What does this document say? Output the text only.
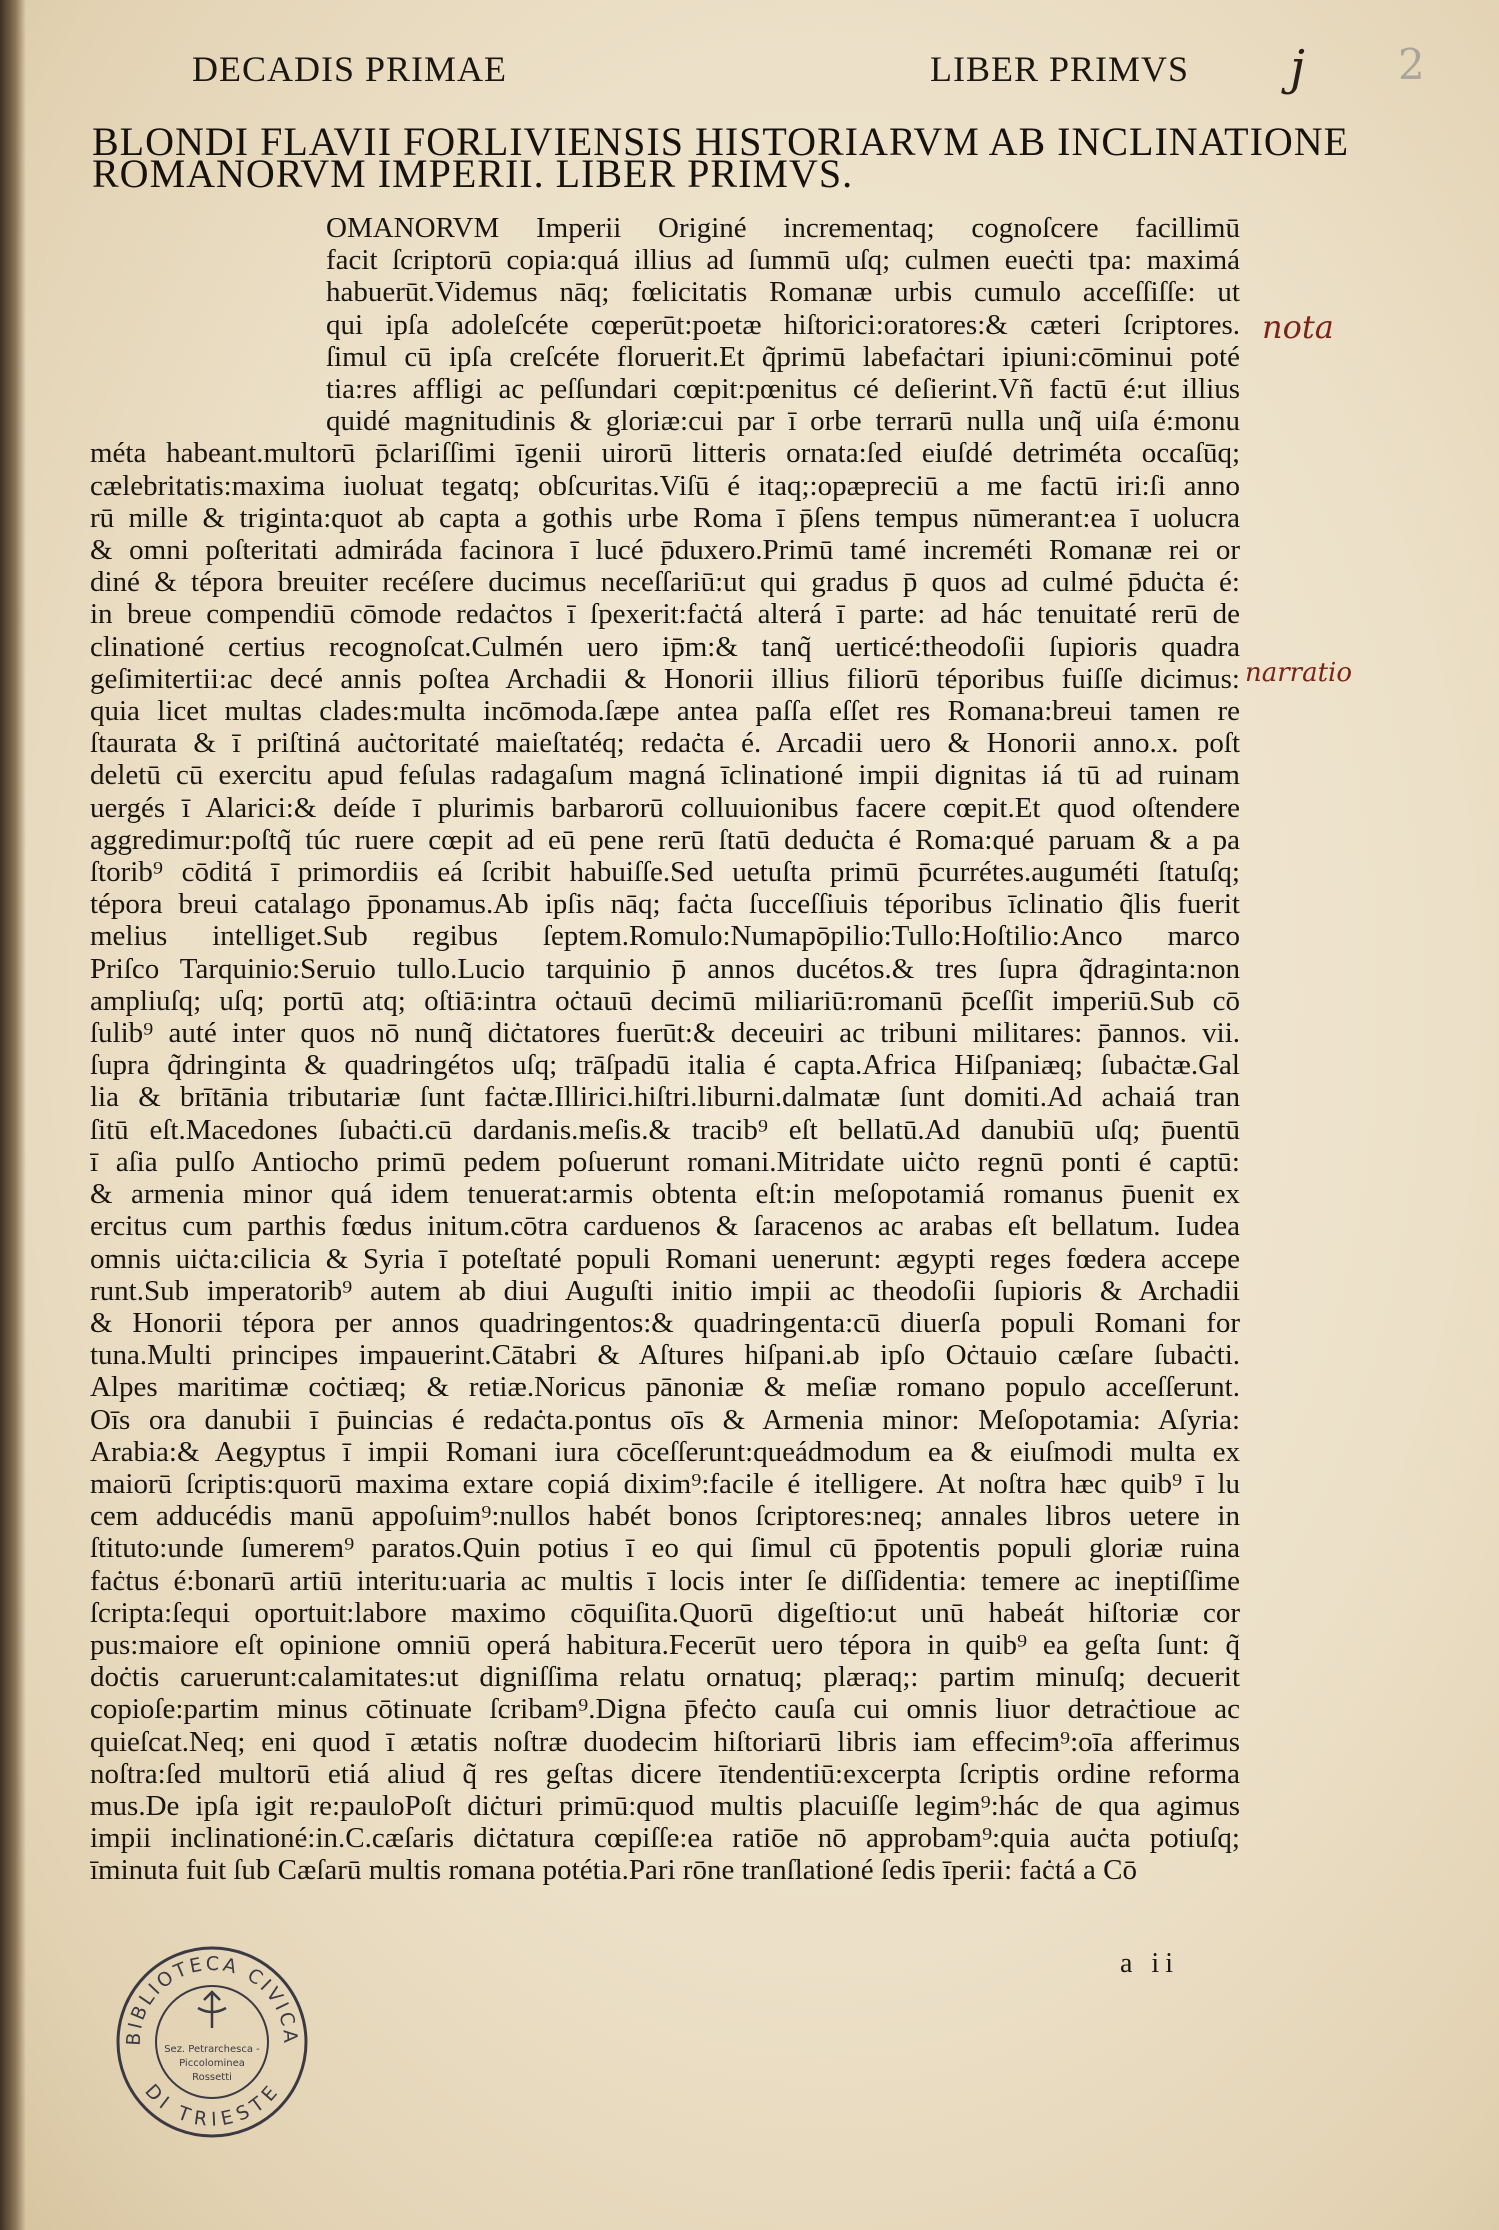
DECADIS PRIMAE	LIBER PRIMVS j 2
BLONDI FLAVII FORLIVIENSIS HISTORIARVM AB INCLINATIONE
ROMANORVM IMPERII. LIBER PRIMVS.
OMANORVM Imperii Originé incrementaq; cognoſcere facillimū
facit ſcriptorū copia:quá illius ad ſummū uſq; culmen eueċti tpa: maximá
habuerūt.Videmus nāq; fœlicitatis Romanæ urbis cumulo acceſſiſſe: ut
qui ipſa adoleſcéte cœperūt:poetæ hiſtorici:oratores:& cæteri ſcriptores.
ſimul cū ipſa creſcéte floruerit.Et q̃primū labefaċtari ipiuni:cōminui poté
tia:res affligi ac peſſundari cœpit:pœnitus cé deſierint.Vñ factū é:ut illius
quidé magnitudinis & gloriæ:cui par ī orbe terrarū nulla unq̃ uiſa é:monu
méta habeant.multorū p̄clariſſimi īgenii uirorū litteris ornata:ſed eiuſdé detriméta occaſūq;
cælebritatis:maxima iuoluat tegatq; obſcuritas.Viſū é itaq;:opæpreciū a me factū iri:ſi anno
rū mille & triginta:quot ab capta a gothis urbe Roma ī p̄ſens tempus nūmerant:ea ī uolucra
& omni poſteritati admiráda facinora ī lucé p̄duxero.Primū tamé increméti Romanæ rei or
diné & tépora breuiter recéſere ducimus neceſſariū:ut qui gradus p̄ quos ad culmé p̄duċta é:
in breue compendiū cōmode redaċtos ī ſpexerit:faċtá alterá ī parte: ad hác tenuitaté rerū de
clinationé certius recognoſcat.Culmén uero ip̄m:& tanq̃ uerticé:theodoſii ſupioris quadra
geſimitertii:ac decé annis poſtea Archadii & Honorii illius filiorū téporibus fuiſſe dicimus:
quia licet multas clades:multa incōmoda.ſæpe antea paſſa eſſet res Romana:breui tamen re
ſtaurata & ī priſtiná auċtoritaté maieſtatéq; redaċta é. Arcadii uero & Honorii anno.x. poſt
deletū cū exercitu apud feſulas radagaſum magná īclinationé impii dignitas iá tū ad ruinam
uergés ī Alarici:& deíde ī plurimis barbarorū colluuionibus facere cœpit.Et quod oſtendere
aggredimur:poſtq̃ túc ruere cœpit ad eū pene rerū ſtatū deduċta é Roma:qué paruam & a pa
ſtorib⁹ cōditá ī primordiis eá ſcribit habuiſſe.Sed uetuſta primū p̄currétes.auguméti ſtatuſq;
tépora breui catalago p̄ponamus.Ab ipſis nāq; faċta ſucceſſiuis téporibus īclinatio q̃lis fuerit
melius intelliget.Sub regibus ſeptem.Romulo:Numapōpilio:Tullo:Hoſtilio:Anco marco
Priſco Tarquinio:Seruio tullo.Lucio tarquinio p̄ annos ducétos.& tres ſupra q̃draginta:non
ampliuſq; uſq; portū atq; oſtiā:intra oċtauū decimū miliariū:romanū p̄ceſſit imperiū.Sub cō
ſulib⁹ auté inter quos nō nunq̃ diċtatores fuerūt:& deceuiri ac tribuni militares: p̄annos. vii.
ſupra q̃dringinta & quadringétos uſq; trāſpadū italia é capta.Africa Hiſpaniæq; ſubaċtæ.Gal
lia & brītānia tributariæ ſunt faċtæ.Illirici.hiſtri.liburni.dalmatæ ſunt domiti.Ad achaiá tran
ſitū eſt.Macedones ſubaċti.cū dardanis.meſis.& tracib⁹ eſt bellatū.Ad danubiū uſq; p̄uentū
ī aſia pulſo Antiocho primū pedem poſuerunt romani.Mitridate uiċto regnū ponti é captū:
& armenia minor quá idem tenuerat:armis obtenta eſt:in meſopotamiá romanus p̄uenit ex
ercitus cum parthis fœdus initum.cōtra carduenos & ſaracenos ac arabas eſt bellatum. Iudea
omnis uiċta:cilicia & Syria ī poteſtaté populi Romani uenerunt: ægypti reges fœdera accepe
runt.Sub imperatorib⁹ autem ab diui Auguſti initio impii ac theodoſii ſupioris & Archadii
& Honorii tépora per annos quadringentos:& quadringenta:cū diuerſa populi Romani for
tuna.Multi principes impauerint.Cātabri & Aſtures hiſpani.ab ipſo Oċtauio cæſare ſubaċti.
Alpes maritimæ coċtiæq; & retiæ.Noricus pānoniæ & meſiæ romano populo acceſſerunt.
Oīs ora danubii ī p̄uincias é redaċta.pontus oīs & Armenia minor: Meſopotamia: Aſyria:
Arabia:& Aegyptus ī impii Romani iura cōceſſerunt:queádmodum ea & eiuſmodi multa ex
maiorū ſcriptis:quorū maxima extare copiá dixim⁹:facile é itelligere. At noſtra hæc quib⁹ ī lu
cem adducédis manū appoſuim⁹:nullos habét bonos ſcriptores:neq; annales libros uetere in
ſtituto:unde ſumerem⁹ paratos.Quin potius ī eo qui ſimul cū p̄potentis populi gloriæ ruina
faċtus é:bonarū artiū interitu:uaria ac multis ī locis inter ſe diſſidentia: temere ac ineptiſſime
ſcripta:ſequi oportuit:labore maximo cōquiſita.Quorū digeſtio:ut unū habeát hiſtoriæ cor
pus:maiore eſt opinione omniū operá habitura.Fecerūt uero tépora in quib⁹ ea geſta ſunt: q̃
doċtis caruerunt:calamitates:ut digniſſima relatu ornatuq; plæraq;: partim minuſq; decuerit
copioſe:partim minus cōtinuate ſcribam⁹.Digna p̄feċto cauſa cui omnis liuor detraċtioue ac
quieſcat.Neq; eni quod ī ætatis noſtræ duodecim hiſtoriarū libris iam effecim⁹:oīa afferimus
noſtra:ſed multorū etiá aliud q̃ res geſtas dicere ītendentiū:excerpta ſcriptis ordine reforma
mus.De ipſa igit re:pauloPoſt diċturi primū:quod multis placuiſſe legim⁹:hác de qua agimus
impii inclinationé:in.C.cæſaris diċtatura cœpiſſe:ea ratiōe nō approbam⁹:quia auċta potiuſq;
īminuta fuit ſub Cæſarū multis romana potétia.Pari rōne tranſlationé ſedis īperii: faċtá a Cō
nota
narratio
a ii
BIBLIOTECA CIVICA
DI TRIESTE
Sez. Petrarchesca -
Piccolominea
Rossetti
